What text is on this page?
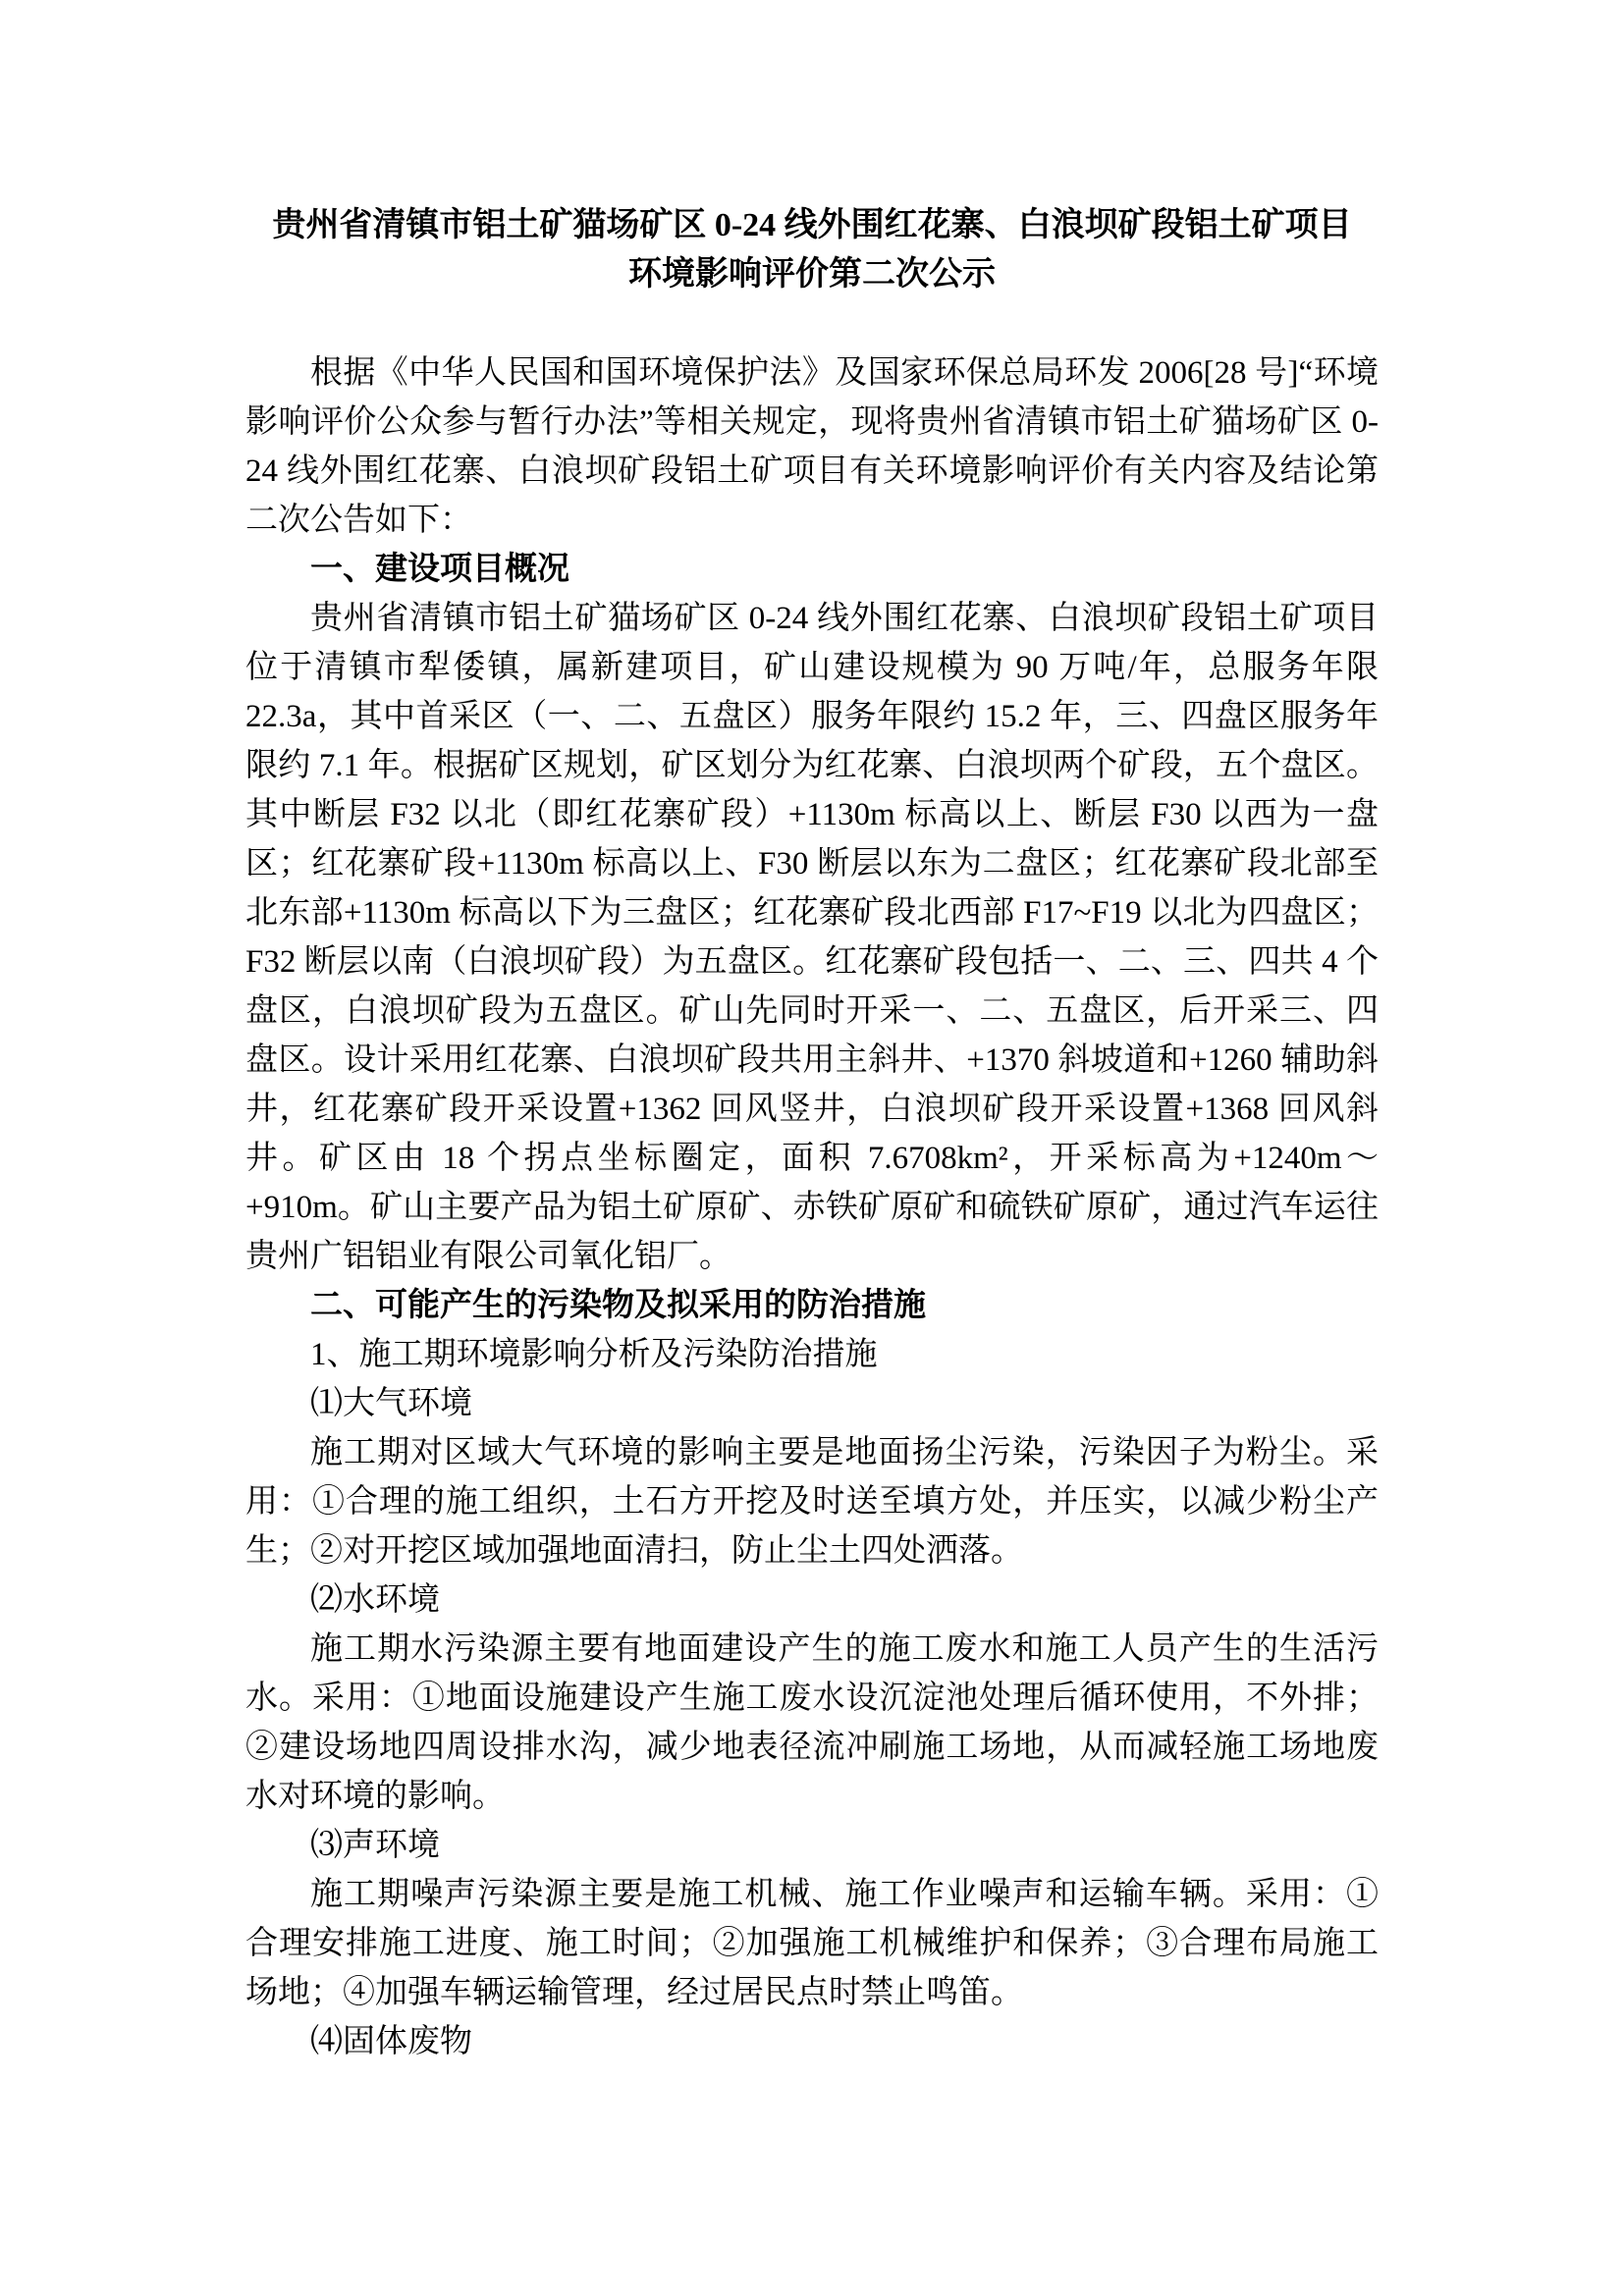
贵州省清镇市铝土矿猫场矿区 0-24 线外围红花寨、白浪坝矿段铝土矿项目
环境影响评价第二次公示

根据《中华人民国和国环境保护法》及国家环保总局环发 2006[28 号]“环境影响评价公众参与暂行办法”等相关规定，现将贵州省清镇市铝土矿猫场矿区 0-24 线外围红花寨、白浪坝矿段铝土矿项目有关环境影响评价有关内容及结论第二次公告如下：

一、建设项目概况

贵州省清镇市铝土矿猫场矿区 0-24 线外围红花寨、白浪坝矿段铝土矿项目位于清镇市犁倭镇，属新建项目，矿山建设规模为 90 万吨/年，总服务年限 22.3a，其中首采区（一、二、五盘区）服务年限约 15.2 年，三、四盘区服务年限约 7.1 年。根据矿区规划，矿区划分为红花寨、白浪坝两个矿段，五个盘区。其中断层 F32 以北（即红花寨矿段）+1130m 标高以上、断层 F30 以西为一盘区；红花寨矿段+1130m 标高以上、F30 断层以东为二盘区；红花寨矿段北部至北东部+1130m 标高以下为三盘区；红花寨矿段北西部 F17~F19 以北为四盘区；F32 断层以南（白浪坝矿段）为五盘区。红花寨矿段包括一、二、三、四共 4 个盘区，白浪坝矿段为五盘区。矿山先同时开采一、二、五盘区，后开采三、四盘区。设计采用红花寨、白浪坝矿段共用主斜井、+1370 斜坡道和+1260 辅助斜井，红花寨矿段开采设置+1362 回风竖井，白浪坝矿段开采设置+1368 回风斜井。矿区由 18 个拐点坐标圈定，面积 7.6708km²，开采标高为+1240m～+910m。矿山主要产品为铝土矿原矿、赤铁矿原矿和硫铁矿原矿，通过汽车运往贵州广铝铝业有限公司氧化铝厂。

二、可能产生的污染物及拟采用的防治措施

1、施工期环境影响分析及污染防治措施

⑴大气环境

施工期对区域大气环境的影响主要是地面扬尘污染，污染因子为粉尘。采用：①合理的施工组织，土石方开挖及时送至填方处，并压实，以减少粉尘产生；②对开挖区域加强地面清扫，防止尘土四处洒落。

⑵水环境

施工期水污染源主要有地面建设产生的施工废水和施工人员产生的生活污水。采用：①地面设施建设产生施工废水设沉淀池处理后循环使用，不外排；②建设场地四周设排水沟，减少地表径流冲刷施工场地，从而减轻施工场地废水对环境的影响。

⑶声环境

施工期噪声污染源主要是施工机械、施工作业噪声和运输车辆。采用：①合理安排施工进度、施工时间；②加强施工机械维护和保养；③合理布局施工场地；④加强车辆运输管理，经过居民点时禁止鸣笛。

⑷固体废物
